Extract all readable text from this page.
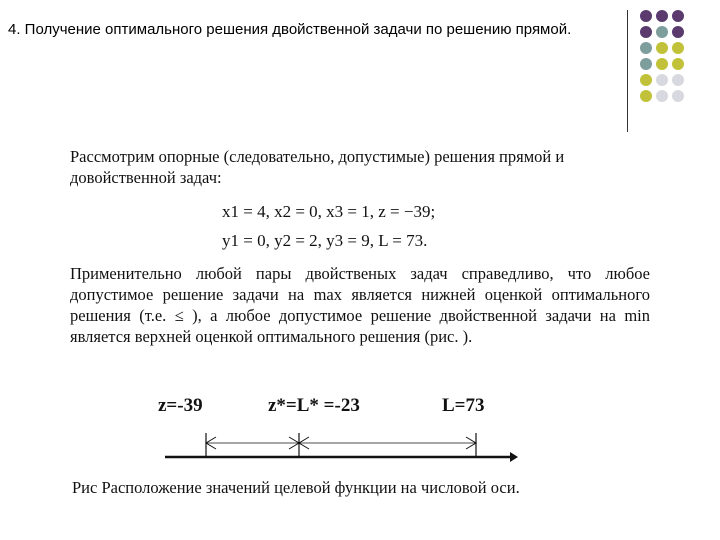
4. Получение оптимального решения двойственной задачи по решению прямой.
Рассмотрим опорные (следовательно, допустимые) решения прямой и довойственной задач:
x1 = 4, x2 = 0, x3 = 1, z = −39;
y1 = 0, y2 = 2, y3 = 9, L = 73.
Применительно любой пары двойственых задач справедливо, что любое допустимое решение задачи на max является нижней оценкой оптимального решения (т.е. ≤ ), а любое допустимое решение двойственной задачи на min является верхней оценкой оптимального решения (рис. ).
z=-39	z*=L* =-23	L=73
Рис Расположение значений целевой функции на числовой оси.
